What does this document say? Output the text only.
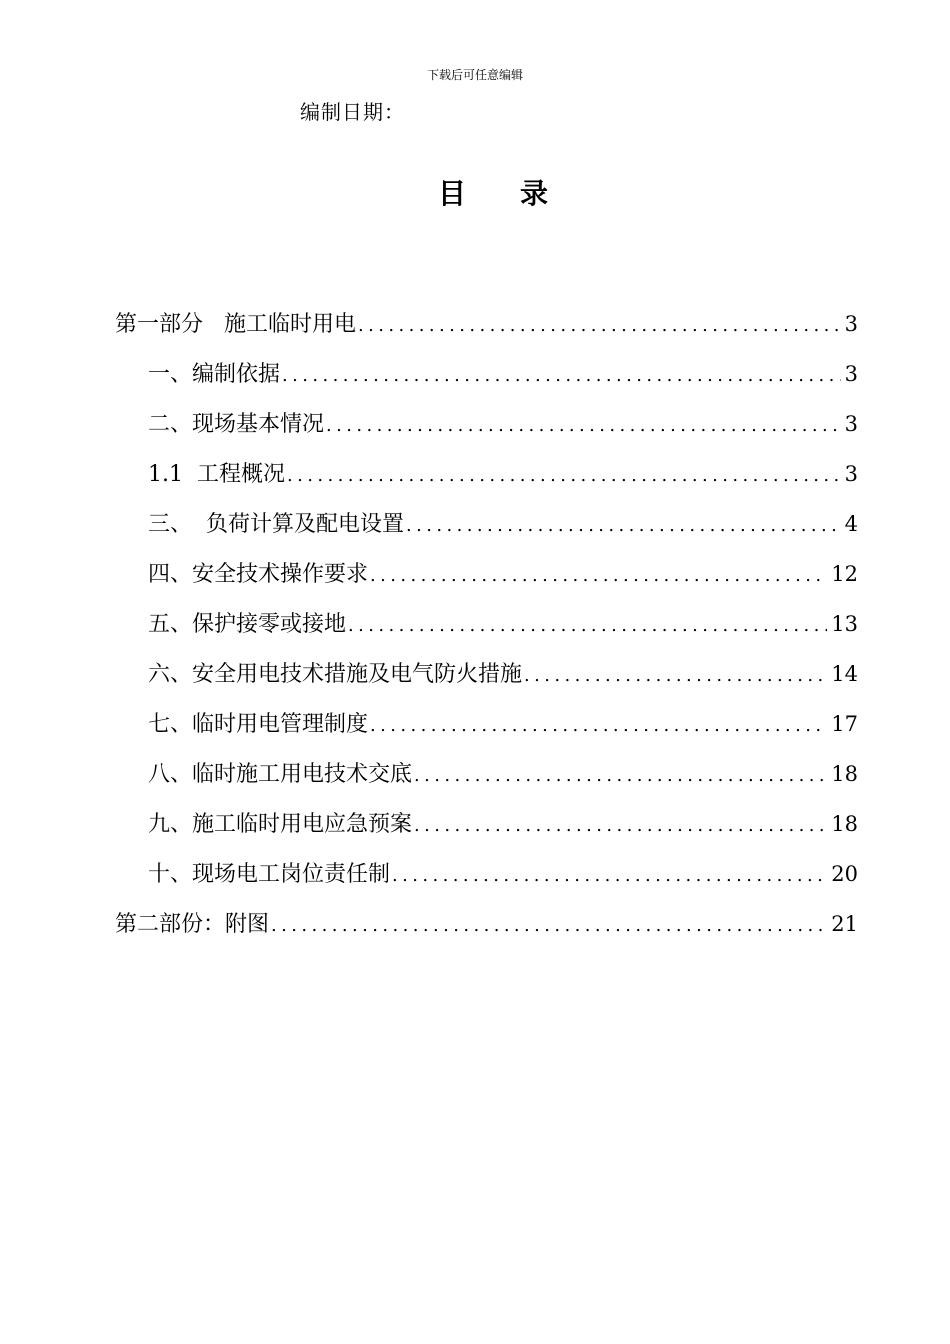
下载后可任意编辑
编制日期：
目 录
第一部分   施工临时用电 .....	3
一、编制依据 .....	3
二、现场基本情况 .....	3
1.1  工程概况 .....	3
三、  负荷计算及配电设置 .....	4
四、安全技术操作要求 .....	12
五、保护接零或接地 .....	13
六、安全用电技术措施及电气防火措施 .....	14
七、临时用电管理制度 .....	17
八、临时施工用电技术交底 .....	18
九、施工临时用电应急预案 .....	18
十、现场电工岗位责任制 .....	20
第二部份：附图 .....	21
